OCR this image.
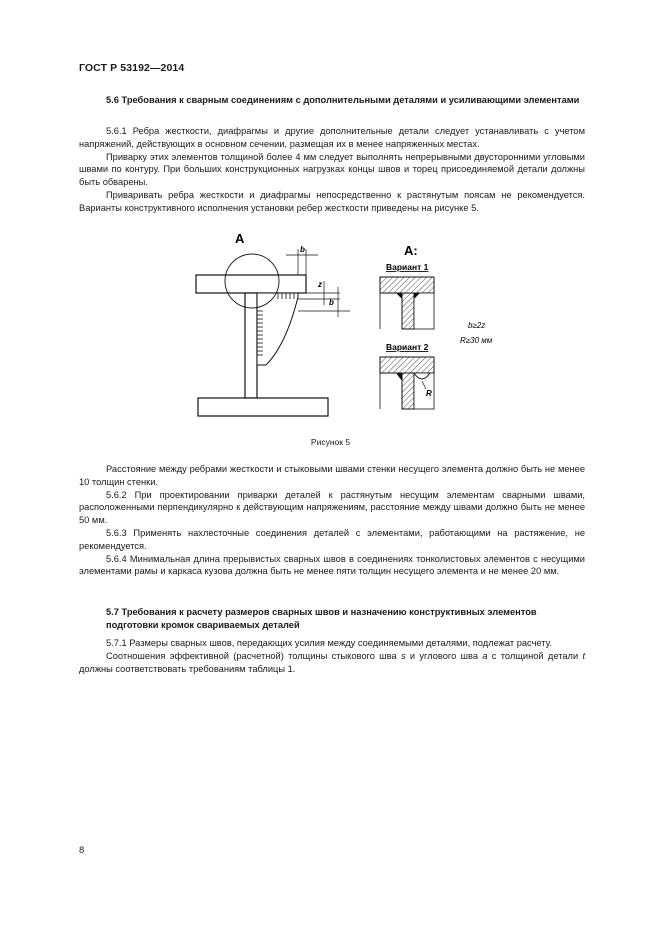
ГОСТ Р 53192—2014
5.6 Требования к сварным соединениям с дополнительными деталями и усиливающими элементами

5.6.1 Ребра жесткости, диафрагмы и другие дополнительные детали следует устанавливать с учетом напряжений, действующих в основном сечении, размещая их в менее напряженных местах.

Приварку этих элементов толщиной более 4 мм следует выполнять непрерывными двусторонними угловыми швами по контуру. При больших конструкционных нагрузках концы швов и торец присоединяемой детали должны быть обварены.

Приваривать ребра жесткости и диафрагмы непосредственно к растянутым поясам не рекомендуется. Варианты конструктивного исполнения установки ребер жесткости приведены на рисунке 5.

А
b
z
b
А:
Вариант 1
b≥2z
R≥30 мм
Вариант 2
R
Рисунок 5

Расстояние между ребрами жесткости и стыковыми швами стенки несущего элемента должно быть не менее 10 толщин стенки.

5.6.2 При проектировании приварки деталей к растянутым несущим элементам сварными швами, расположенными перпендикулярно к действующим напряжениям, расстояние между швами должно быть не менее 50 мм.

5.6.3 Применять нахлесточные соединения деталей с элементами, работающими на растяжение, не рекомендуется.

5.6.4 Минимальная длина прерывистых сварных швов в соединениях тонколистовых элементов с несущими элементами рамы и каркаса кузова должна быть не менее пяти толщин несущего элемента и не менее 20 мм.

5.7 Требования к расчету размеров сварных швов и назначению конструктивных элементов подготовки кромок свариваемых деталей

5.7.1 Размеры сварных швов, передающих усилия между соединяемыми деталями, подлежат расчету.

Соотношения эффективной (расчетной) толщины стыкового шва s и углового шва a с толщиной детали t должны соответствовать требованиям таблицы 1.

8
